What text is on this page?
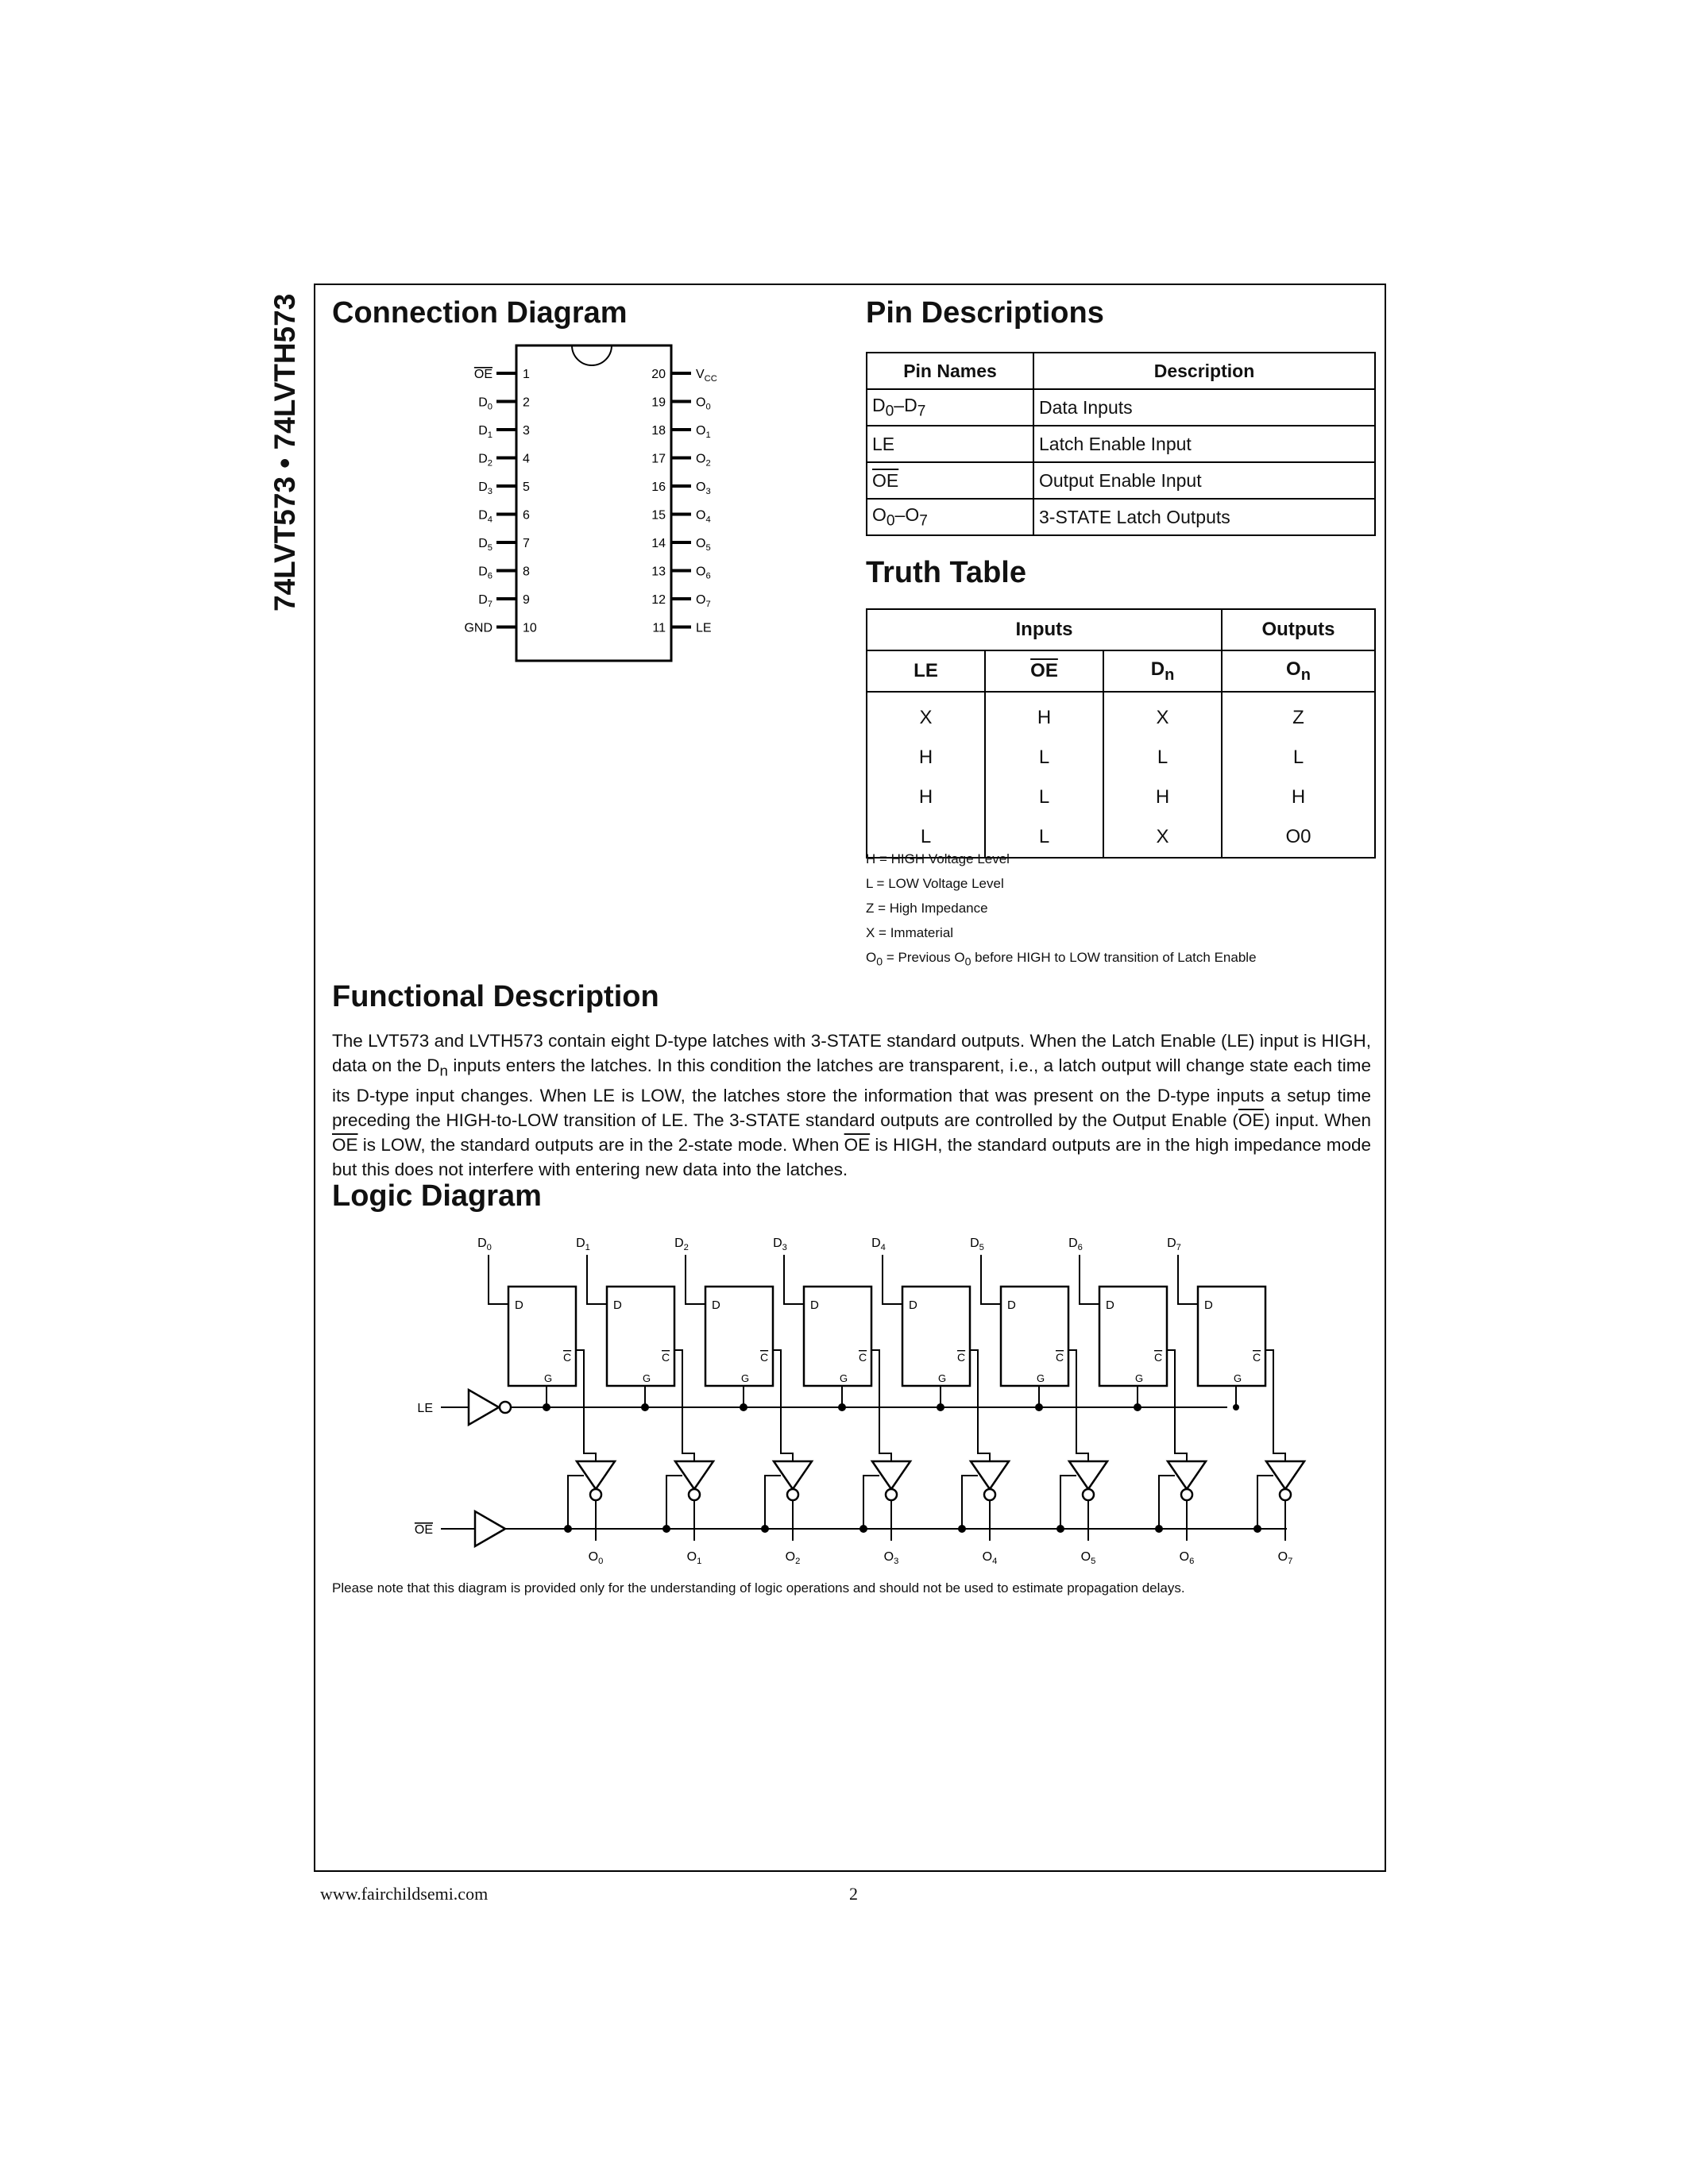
74LVT573 • 74LVTH573 Connection Diagram
OE 1
$D_0$ 2
$D_1$ 3
$D_2$ 4
$D_3$ 5
$D_4$ 6
$D_5$ 7
$D_6$ 8
$D_7$ 9
GND 10
$V_{CC}$
20
$O_0$
19
$O_1$
18
$O_2$
17
$O_3$
16
$O_4$
15
$O_5$
14
$O_6$
13
$O_7$
12
LE
11
Pin Descriptions
Pin Names	Description
$D_0-D_7$	Data Inputs
LE	Latch Enable Input
$\overline{OE}$	Output Enable Input
$O_0-O_7$	3-STATE Latch Outputs
Truth Table
Inputs			Outputs
LE	$\overline{OE}$	$D_n$	$O_n$
X	H	X	Z
H	L	L	L
H	L	H	H
L	L	X	O0
H = HIGH Voltage Level
L = LOW Voltage Level
Z = High Impedance
X = Immaterial
$O_0$ = Previous $O_0$ before HIGH to LOW transition of Latch Enable
Functional Description
The LVT573 and LVTH573 contain eight D-type latches with 3-STATE standard outputs. When the Latch Enable (LE) input is HIGH, data on the $D_n$ inputs enters the latches. In this condition the latches are transparent, i.e., a latch output will change state each time its D-type input changes. When LE is LOW, the latches store the information that was present on the D-type inputs a setup time preceding the HIGH-to-LOW transition of LE. The 3-STATE standard outputs are controlled by the Output Enable $(\overline{OE})$ input. When $\overline{OE}$ is LOW, the standard outputs are in the 2-state mode. When $\overline{OE}$ is HIGH, the standard outputs are in the high impedance mode but this does not interfere with entering new data into the latches.
Logic Diagram
LE
OE
$D_0$
D
G
C
$O_0$
$D_1$
D
G
C
$O_1$
$D_2$
D
G
C
$O_2$
$D_3$
D
G
C
$O_3$
$D_4$
D
G
C
$O_4$
$D_5$
D
G
C
$O_5$
$D_6$
D
G
C
$O_6$
$D_7$
D
G
C
$O_7$
Please note that this diagram is provided only for the understanding of logic operations and should not be used to estimate propagation delays.
www.fairchildsemi.com	2
